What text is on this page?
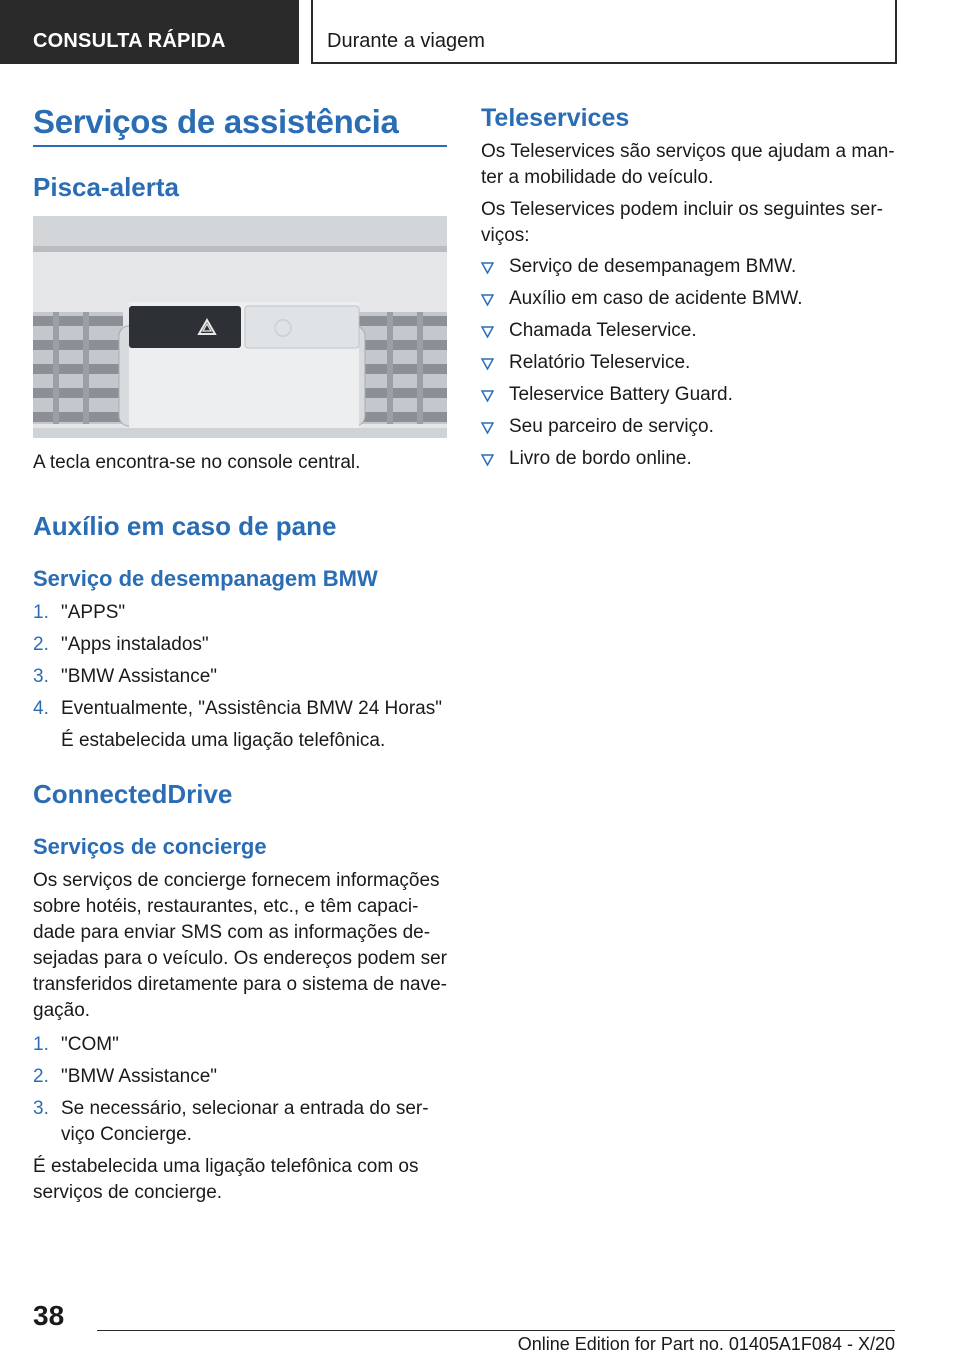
CONSULTA RÁPIDA	Durante a viagem
Serviços de assistência
Pisca-alerta
A tecla encontra-se no console central.
Auxílio em caso de pane
Serviço de desempanagem BMW
1. "APPS"
2. "Apps instalados"
3. "BMW Assistance"
4. Eventualmente, "Assistência BMW 24 Horas"
É estabelecida uma ligação telefônica.
ConnectedDrive
Serviços de concierge
Os serviços de concierge fornecem informações
sobre hotéis, restaurantes, etc., e têm capaci-
dade para enviar SMS com as informações de-
sejadas para o veículo. Os endereços podem ser
transferidos diretamente para o sistema de nave-
gação.
1. "COM"
2. "BMW Assistance"
3. Se necessário, selecionar a entrada do ser-
viço Concierge.
É estabelecida uma ligação telefônica com os
serviços de concierge.
Teleservices
Os Teleservices são serviços que ajudam a man-
ter a mobilidade do veículo.
Os Teleservices podem incluir os seguintes ser-
viços:
Serviço de desempanagem BMW.
Auxílio em caso de acidente BMW.
Chamada Teleservice.
Relatório Teleservice.
Teleservice Battery Guard.
Seu parceiro de serviço.
Livro de bordo online.
38
Online Edition for Part no. 01405A1F084 - X/20
